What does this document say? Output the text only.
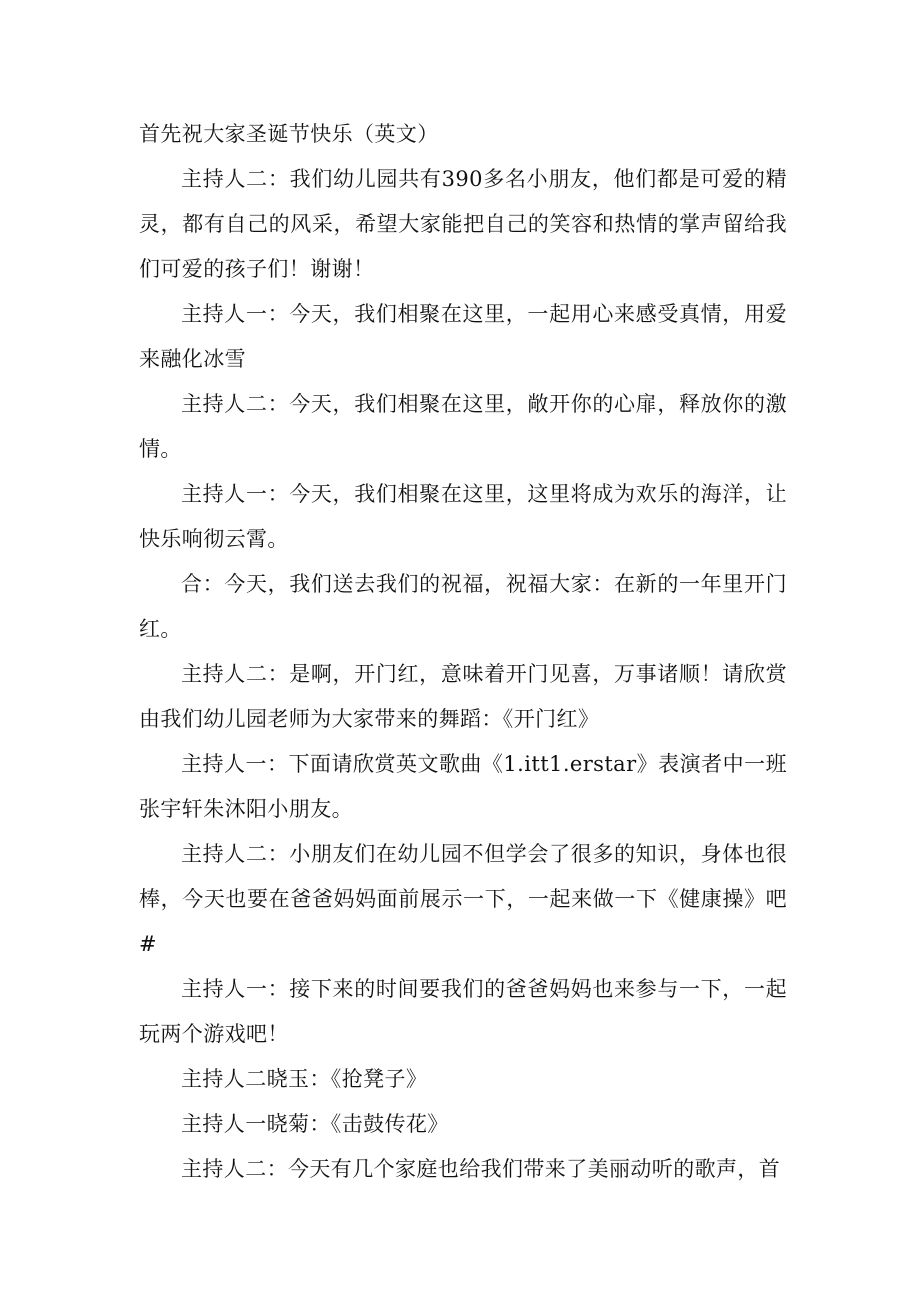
首先祝大家圣诞节快乐（英文）

主持人二：我们幼儿园共有390多名小朋友，他们都是可爱的精灵，都有自己的风采，希望大家能把自己的笑容和热情的掌声留给我们可爱的孩子们！谢谢！

主持人一：今天，我们相聚在这里，一起用心来感受真情，用爱来融化冰雪

主持人二：今天，我们相聚在这里，敞开你的心扉，释放你的激情。

主持人一：今天，我们相聚在这里，这里将成为欢乐的海洋，让快乐响彻云霄。

合：今天，我们送去我们的祝福，祝福大家：在新的一年里开门红。

主持人二：是啊，开门红，意味着开门见喜，万事诸顺！请欣赏由我们幼儿园老师为大家带来的舞蹈：《开门红》

主持人一：下面请欣赏英文歌曲《1.itt1.erstar》表演者中一班张宇轩朱沐阳小朋友。

主持人二：小朋友们在幼儿园不但学会了很多的知识，身体也很棒，今天也要在爸爸妈妈面前展示一下，一起来做一下《健康操》吧#

主持人一：接下来的时间要我们的爸爸妈妈也来参与一下，一起玩两个游戏吧！

主持人二晓玉：《抢凳子》

主持人一晓菊：《击鼓传花》

主持人二：今天有几个家庭也给我们带来了美丽动听的歌声，首
